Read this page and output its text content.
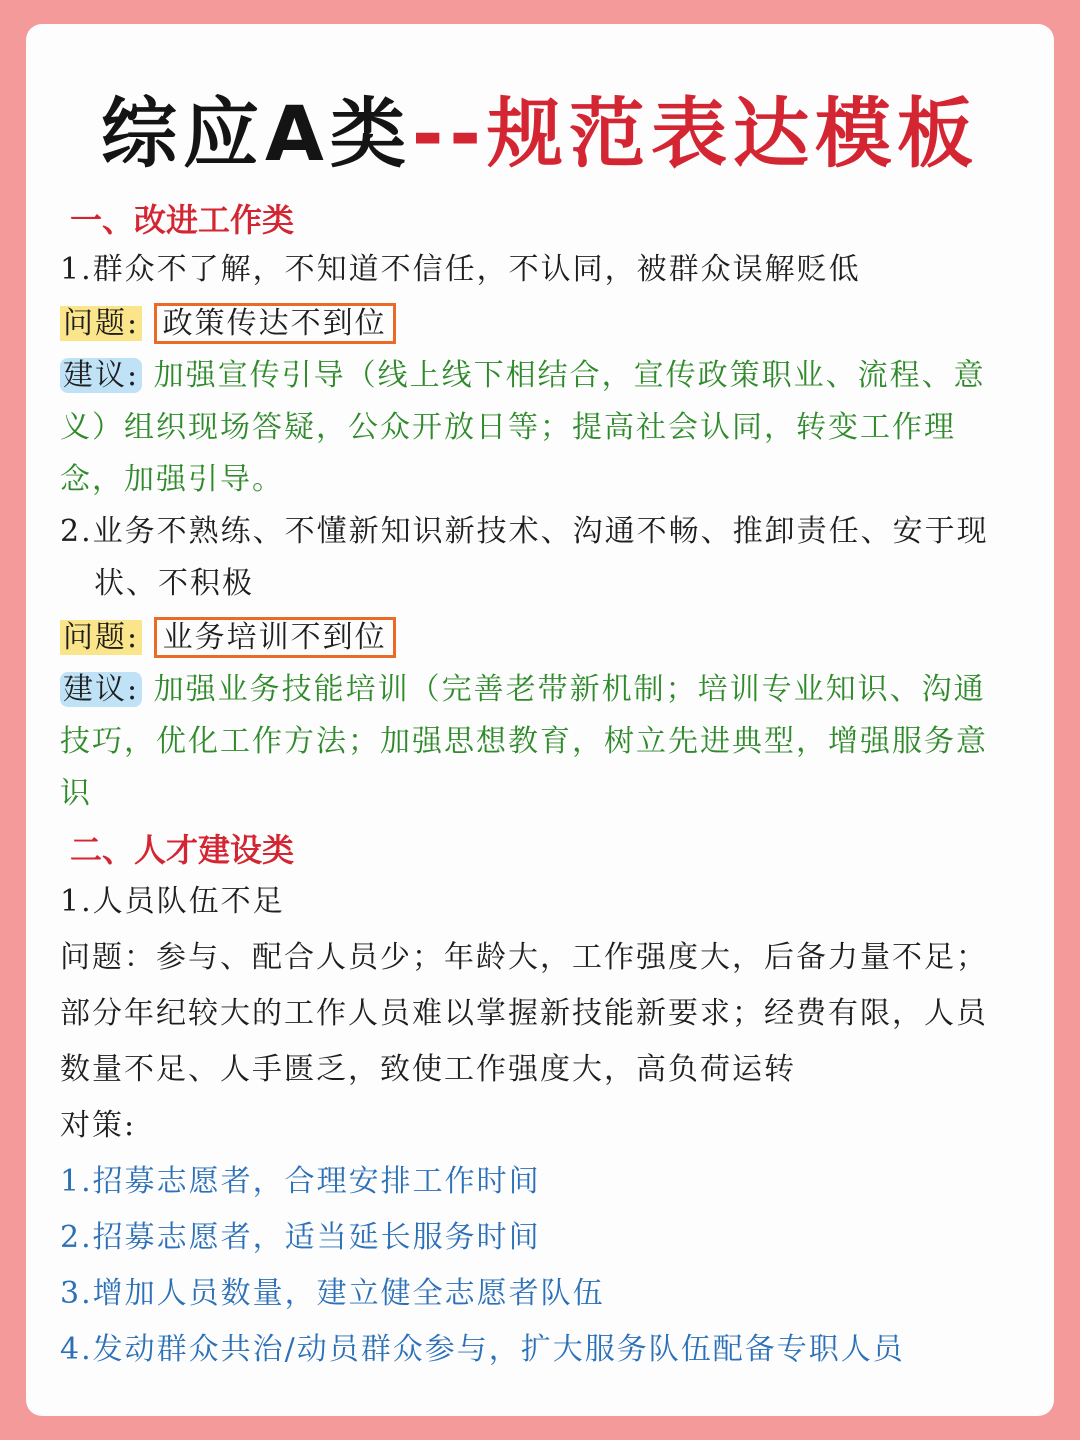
综应A类--规范表达模板
一、改进工作类
1.群众不了解，不知道不信任，不认同，被群众误解贬低
问题: 政策传达不到位
建议: 加强宣传引导（线上线下相结合，宣传政策职业、流程、意
义）组织现场答疑，公众开放日等；提高社会认同，转变工作理
念，加强引导。
2.业务不熟练、不懂新知识新技术、沟通不畅、推卸责任、安于现状、不积极
问题: 业务培训不到位
建议: 加强业务技能培训（完善老带新机制；培训专业知识、沟通
技巧，优化工作方法；加强思想教育，树立先进典型，增强服务意
识
二、人才建设类
1.人员队伍不足
问题：参与、配合人员少；年龄大，工作强度大，后备力量不足；
部分年纪较大的工作人员难以掌握新技能新要求；经费有限，人员
数量不足、人手匮乏，致使工作强度大，高负荷运转
对策:
1.招募志愿者，合理安排工作时间
2.招募志愿者，适当延长服务时间
3.增加人员数量，建立健全志愿者队伍
4.发动群众共治/动员群众参与，扩大服务队伍配备专职人员
